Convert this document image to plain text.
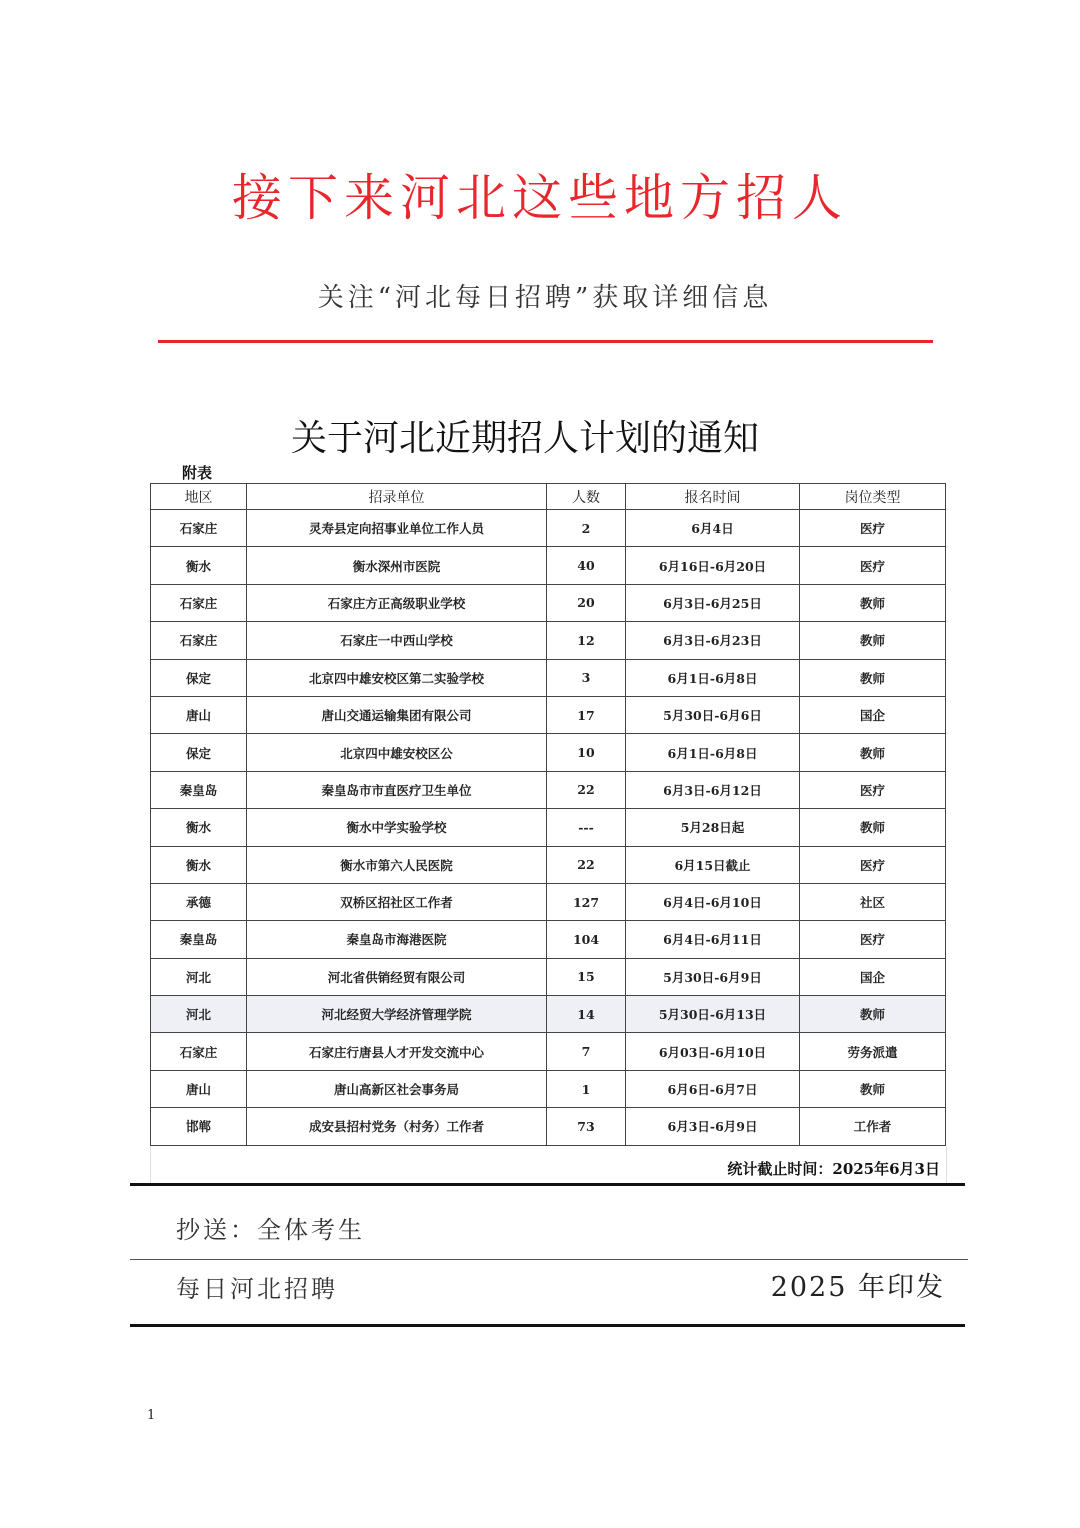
接下来河北这些地方招人
关注“河北每日招聘”获取详细信息
关于河北近期招人计划的通知
附表
地区	招录单位	人数	报名时间	岗位类型
石家庄	灵寿县定向招事业单位工作人员	2	6月4日	医疗
衡水	衡水深州市医院	40	6月16日-6月20日	医疗
石家庄	石家庄方正高级职业学校	20	6月3日-6月25日	教师
石家庄	石家庄一中西山学校	12	6月3日-6月23日	教师
保定	北京四中雄安校区第二实验学校	3	6月1日-6月8日	教师
唐山	唐山交通运输集团有限公司	17	5月30日-6月6日	国企
保定	北京四中雄安校区公	10	6月1日-6月8日	教师
秦皇岛	秦皇岛市市直医疗卫生单位	22	6月3日-6月12日	医疗
衡水	衡水中学实验学校	---	5月28日起	教师
衡水	衡水市第六人民医院	22	6月15日截止	医疗
承德	双桥区招社区工作者	127	6月4日-6月10日	社区
秦皇岛	秦皇岛市海港医院	104	6月4日-6月11日	医疗
河北	河北省供销经贸有限公司	15	5月30日-6月9日	国企
河北	河北经贸大学经济管理学院	14	5月30日-6月13日	教师
石家庄	石家庄行唐县人才开发交流中心	7	6月03日-6月10日	劳务派遣
唐山	唐山高新区社会事务局	1	6月6日-6月7日	教师
邯郸	成安县招村党务（村务）工作者	73	6月3日-6月9日	工作者
统计截止时间：2025年6月3日
抄送：全体考生
每日河北招聘	2025 年印发
1
